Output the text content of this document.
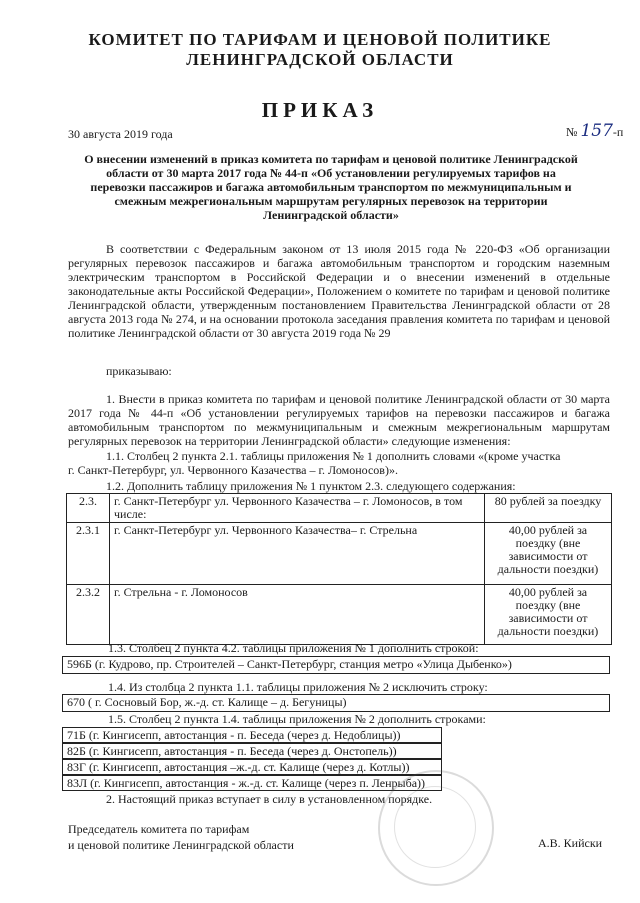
КОМИТЕТ ПО ТАРИФАМ И ЦЕНОВОЙ ПОЛИТИКЕ
ЛЕНИНГРАДСКОЙ ОБЛАСТИ
ПРИКАЗ
30 августа 2019 года	№ 157-п
О внесении изменений в приказ комитета по тарифам и ценовой политике Ленинградской области от 30 марта 2017 года № 44-п «Об установлении регулируемых тарифов на перевозки пассажиров и багажа автомобильным транспортом по межмуниципальным и смежным межрегиональным маршрутам регулярных перевозок на территории Ленинградской области»
В соответствии с Федеральным законом от 13 июля 2015 года № 220-ФЗ «Об организации регулярных перевозок пассажиров и багажа автомобильным транспортом и городским наземным электрическим транспортом в Российской Федерации и о внесении изменений в отдельные законодательные акты Российской Федерации», Положением о комитете по тарифам и ценовой политике Ленинградской области, утвержденным постановлением Правительства Ленинградской области от 28 августа 2013 года № 274, и на основании протокола заседания правления комитета по тарифам и ценовой политике Ленинградской области от 30 августа 2019 года № 29
приказываю:
1. Внести в приказ комитета по тарифам и ценовой политике Ленинградской области от 30 марта 2017 года № 44-п «Об установлении регулируемых тарифов на перевозки пассажиров и багажа автомобильным транспортом по межмуниципальным и смежным межрегиональным маршрутам регулярных перевозок на территории Ленинградской области» следующие изменения:
1.1. Столбец 2 пункта 2.1. таблицы приложения № 1 дополнить словами «(кроме участка
г. Санкт-Петербург, ул. Червонного Казачества – г. Ломоносов)».
1.2. Дополнить таблицу приложения № 1 пунктом 2.3. следующего содержания:
2.3.	г. Санкт-Петербург ул. Червонного Казачества – г. Ломоносов, в том числе:	80 рублей за поездку
2.3.1	г. Санкт-Петербург ул. Червонного Казачества– г. Стрельна	40,00 рублей за поездку (вне зависимости от дальности поездки)
2.3.2	г. Стрельна - г. Ломоносов	40,00 рублей за поездку (вне зависимости от дальности поездки)
1.3. Столбец 2 пункта 4.2. таблицы приложения № 1 дополнить строкой:
596Б (г. Кудрово, пр. Строителей – Санкт-Петербург, станция метро «Улица Дыбенко»)
1.4. Из столбца 2 пункта 1.1. таблицы приложения № 2 исключить строку:
670 ( г. Сосновый Бор, ж.-д. ст. Калище – д. Бегуницы)
1.5. Столбец 2 пункта 1.4. таблицы приложения № 2 дополнить строками:
71Б (г. Кингисепп, автостанция - п. Беседа (через д. Недоблицы))
82Б (г. Кингисепп, автостанция - п. Беседа (через д. Онстопель))
83Г (г. Кингисепп, автостанция –ж.-д. ст. Калище (через д. Котлы))
83Л (г. Кингисепп, автостанция - ж.-д. ст. Калище (через п. Ленрыба))
2. Настоящий приказ вступает в силу в установленном порядке.
Председатель комитета по тарифам
и ценовой политике Ленинградской области	А.В. Кийски
